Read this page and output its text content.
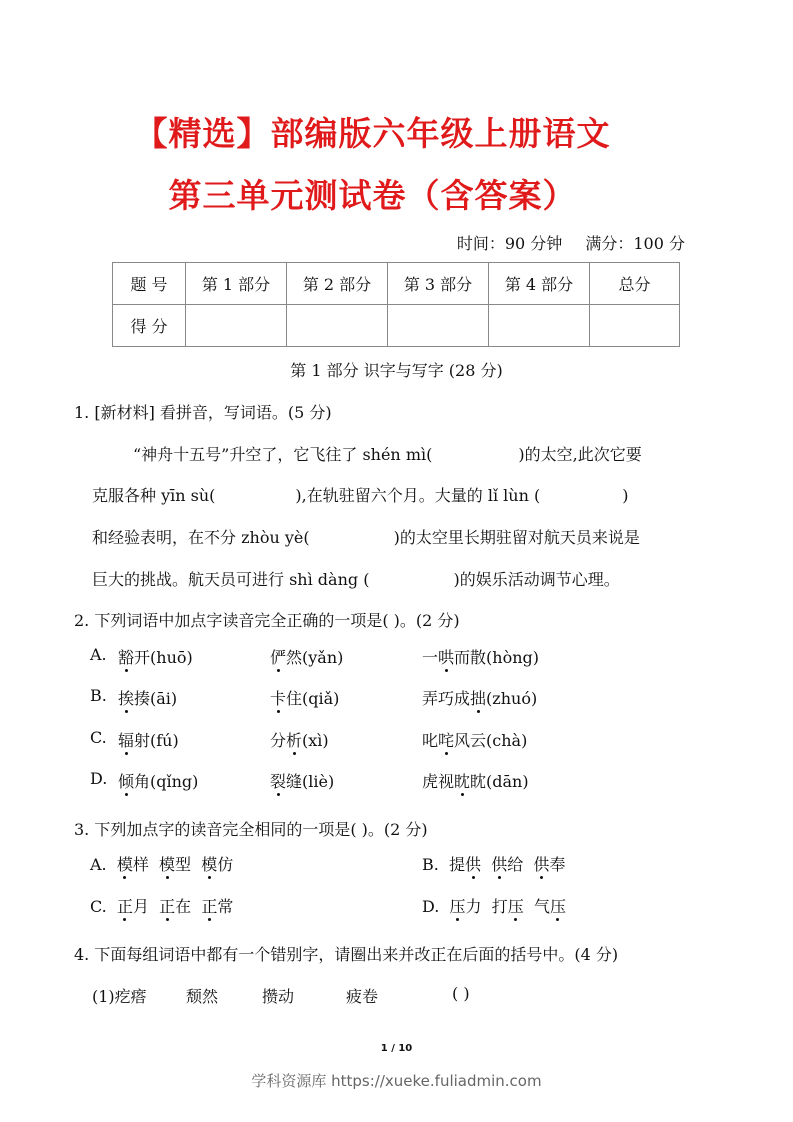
【精选】部编版六年级上册语文
第三单元测试卷（含答案）
时间：90 分钟 满分：100 分
题 号	第 1 部分	第 2 部分	第 3 部分	第 4 部分	总分
得 分					
第 1 部分 识字与写字 (28 分)
1. [新材料] 看拼音，写词语。(5 分)
“神舟十五号”升空了，它飞往了 shén mì(	)的太空,此次它要
克服各种 yīn sù(	),在轨驻留六个月。大量的 lǐ lùn (	)
和经验表明，在不分 zhòu yè(	)的太空里长期驻留对航天员来说是
巨大的挑战。航天员可进行 shì dàng (	)的娱乐活动调节心理。
2. 下列词语中加点字读音完全正确的一项是( )。(2 分)
A. 豁开(huō)	俨然(yǎn)	一哄而散(hòng)
B. 挨揍(āi)	卡住(qiǎ)	弄巧成拙(zhuó)
C. 辐射(fú)	分析(xì)	叱咤风云(chà)
D. 倾角(qǐng)	裂缝(liè)	虎视眈眈(dān)
3. 下列加点字的读音完全相同的一项是( )。(2 分)
A. 模样 模型 模仿	B. 提供 供给 供奉
C. 正月 正在 正常	D. 压力 打压 气压
4. 下面每组词语中都有一个错别字，请圈出来并改正在后面的括号中。(4 分)
(1)疙瘩 颓然	攒动	疲卷	( )
1 / 10
学科资源库 https://xueke.fuliadmin.com
